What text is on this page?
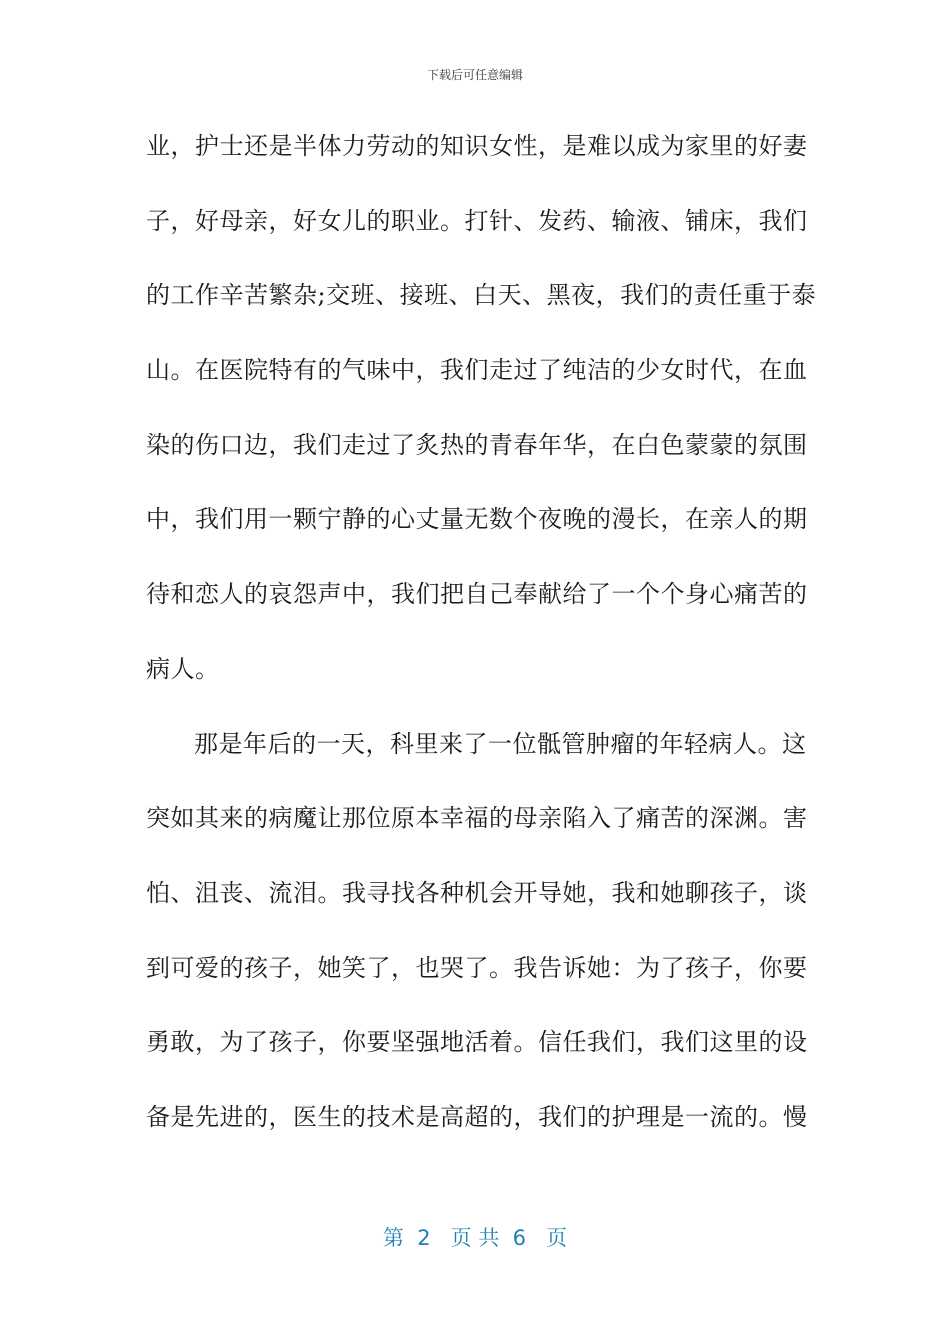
下载后可任意编辑
业，护士还是半体力劳动的知识女性，是难以成为家里的好妻
子，好母亲，好女儿的职业。打针、发药、输液、铺床，我们
的工作辛苦繁杂;交班、接班、白天、黑夜，我们的责任重于泰
山。在医院特有的气味中，我们走过了纯洁的少女时代，在血
染的伤口边，我们走过了炙热的青春年华，在白色蒙蒙的氛围
中，我们用一颗宁静的心丈量无数个夜晚的漫长，在亲人的期
待和恋人的哀怨声中，我们把自己奉献给了一个个身心痛苦的
病人。
那是年后的一天，科里来了一位骶管肿瘤的年轻病人。这
突如其来的病魔让那位原本幸福的母亲陷入了痛苦的深渊。害
怕、沮丧、流泪。我寻找各种机会开导她，我和她聊孩子，谈
到可爱的孩子，她笑了，也哭了。我告诉她：为了孩子，你要
勇敢，为了孩子，你要坚强地活着。信任我们，我们这里的设
备是先进的，医生的技术是高超的，我们的护理是一流的。慢
第  2   页 共  6   页
